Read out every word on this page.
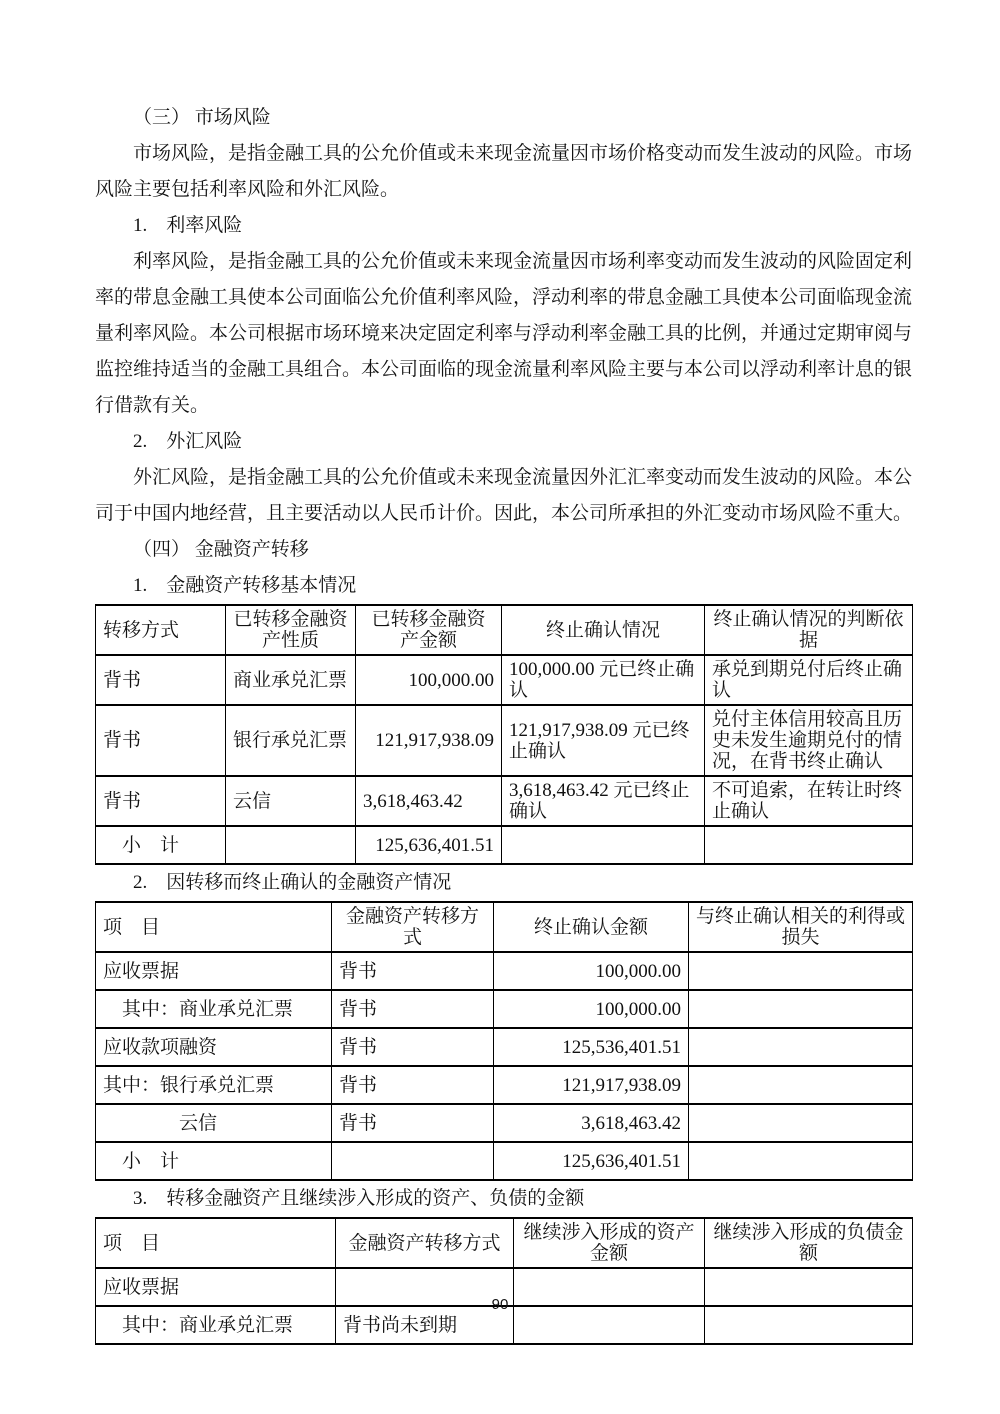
（三） 市场风险

市场风险，是指金融工具的公允价值或未来现金流量因市场价格变动而发生波动的风险。市场风险主要包括利率风险和外汇风险。

1.　利率风险

利率风险，是指金融工具的公允价值或未来现金流量因市场利率变动而发生波动的风险固定利率的带息金融工具使本公司面临公允价值利率风险，浮动利率的带息金融工具使本公司面临现金流量利率风险。本公司根据市场环境来决定固定利率与浮动利率金融工具的比例，并通过定期审阅与监控维持适当的金融工具组合。本公司面临的现金流量利率风险主要与本公司以浮动利率计息的银行借款有关。

2.　外汇风险

外汇风险，是指金融工具的公允价值或未来现金流量因外汇汇率变动而发生波动的风险。本公司于中国内地经营，且主要活动以人民币计价。因此，本公司所承担的外汇变动市场风险不重大。

（四） 金融资产转移
1.　金融资产转移基本情况
转移方式	已转移金融资产性质	已转移金融资产金额	终止确认情况	终止确认情况的判断依据
背书	商业承兑汇票	100,000.00	100,000.00 元已终止确认	承兑到期兑付后终止确认
背书	银行承兑汇票	121,917,938.09	121,917,938.09 元已终止确认	兑付主体信用较高且历史未发生逾期兑付的情况，在背书终止确认
背书	云信	3,618,463.42	3,618,463.42 元已终止确认	不可追索，在转让时终止确认
　小　计		125,636,401.51		
2.　因转移而终止确认的金融资产情况
项　目	金融资产转移方式	终止确认金额	与终止确认相关的利得或损失
应收票据	背书	100,000.00	
　其中：商业承兑汇票	背书	100,000.00	
应收款项融资	背书	125,536,401.51	
其中：银行承兑汇票	背书	121,917,938.09	
　　　　云信	背书	3,618,463.42	
　小　计		125,636,401.51	
3.　转移金融资产且继续涉入形成的资产、负债的金额
项　目	金融资产转移方式	继续涉入形成的资产金额	继续涉入形成的负债金额
应收票据			
　其中：商业承兑汇票	背书尚未到期		
90
